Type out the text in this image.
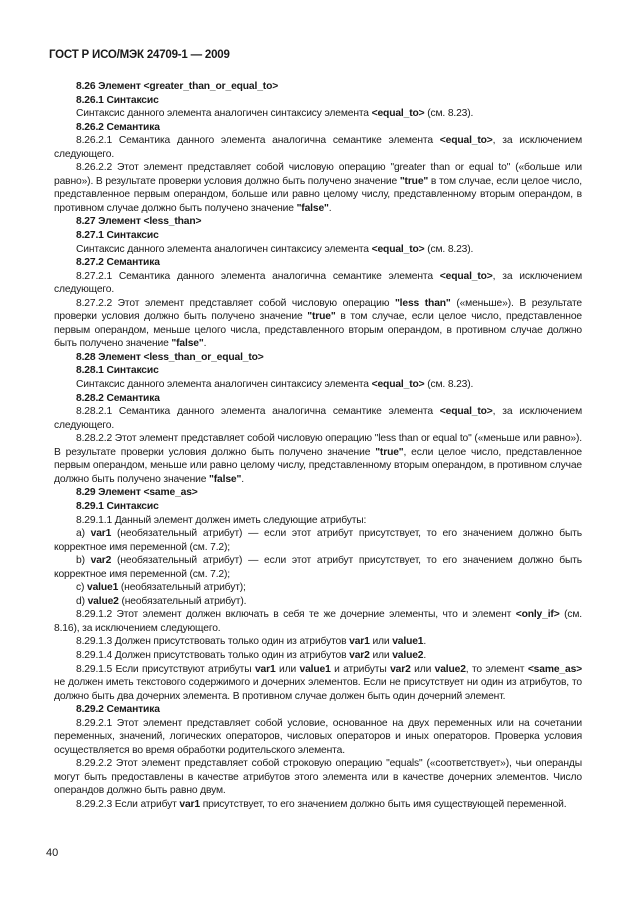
ГОСТ Р ИСО/МЭК 24709-1 — 2009

8.26 Элемент <greater_than_or_equal_to>

8.26.1 Синтаксис

Синтаксис данного элемента аналогичен синтаксису элемента <equal_to> (см. 8.23).

8.26.2 Семантика

8.26.2.1 Семантика данного элемента аналогична семантике элемента <equal_to>, за исключением следующего.

8.26.2.2 Этот элемент представляет собой числовую операцию "greater than or equal to" («больше или равно»). В результате проверки условия должно быть получено значение "true" в том случае, если целое число, представленное первым операндом, больше или равно целому числу, представленному вторым операндом, в противном случае должно быть получено значение "false".

8.27 Элемент <less_than>

8.27.1 Синтаксис

Синтаксис данного элемента аналогичен синтаксису элемента <equal_to> (см. 8.23).

8.27.2 Семантика

8.27.2.1 Семантика данного элемента аналогична семантике элемента <equal_to>, за исключением следующего.

8.27.2.2 Этот элемент представляет собой числовую операцию "less than" («меньше»). В результате проверки условия должно быть получено значение "true" в том случае, если целое число, представленное первым операндом, меньше целого числа, представленного вторым операндом, в противном случае должно быть получено значение "false".

8.28 Элемент <less_than_or_equal_to>

8.28.1 Синтаксис

Синтаксис данного элемента аналогичен синтаксису элемента <equal_to> (см. 8.23).

8.28.2 Семантика

8.28.2.1 Семантика данного элемента аналогична семантике элемента <equal_to>, за исключением следующего.

8.28.2.2 Этот элемент представляет собой числовую операцию "less than or equal to" («меньше или равно»). В результате проверки условия должно быть получено значение "true", если целое число, представленное первым операндом, меньше или равно целому числу, представленному вторым операндом, в противном случае должно быть получено значение "false".

8.29 Элемент <same_as>

8.29.1 Синтаксис

8.29.1.1 Данный элемент должен иметь следующие атрибуты:

a) var1 (необязательный атрибут) — если этот атрибут присутствует, то его значением должно быть корректное имя переменной (см. 7.2);

b) var2 (необязательный атрибут) — если этот атрибут присутствует, то его значением должно быть корректное имя переменной (см. 7.2);

c) value1 (необязательный атрибут);

d) value2 (необязательный атрибут).

8.29.1.2 Этот элемент должен включать в себя те же дочерние элементы, что и элемент <only_if> (см. 8.16), за исключением следующего.

8.29.1.3 Должен присутствовать только один из атрибутов var1 или value1.

8.29.1.4 Должен присутствовать только один из атрибутов var2 или value2.

8.29.1.5 Если присутствуют атрибуты var1 или value1 и атрибуты var2 или value2, то элемент <same_as> не должен иметь текстового содержимого и дочерних элементов. Если не присутствует ни один из атрибутов, то должно быть два дочерних элемента. В противном случае должен быть один дочерний элемент.

8.29.2 Семантика

8.29.2.1 Этот элемент представляет собой условие, основанное на двух переменных или на сочетании переменных, значений, логических операторов, числовых операторов и иных операторов. Проверка условия осуществляется во время обработки родительского элемента.

8.29.2.2 Этот элемент представляет собой строковую операцию "equals" («соответствует»), чьи операнды могут быть предоставлены в качестве атрибутов этого элемента или в качестве дочерних элементов. Число операндов должно быть равно двум.

8.29.2.3 Если атрибут var1 присутствует, то его значением должно быть имя существующей переменной.

40
